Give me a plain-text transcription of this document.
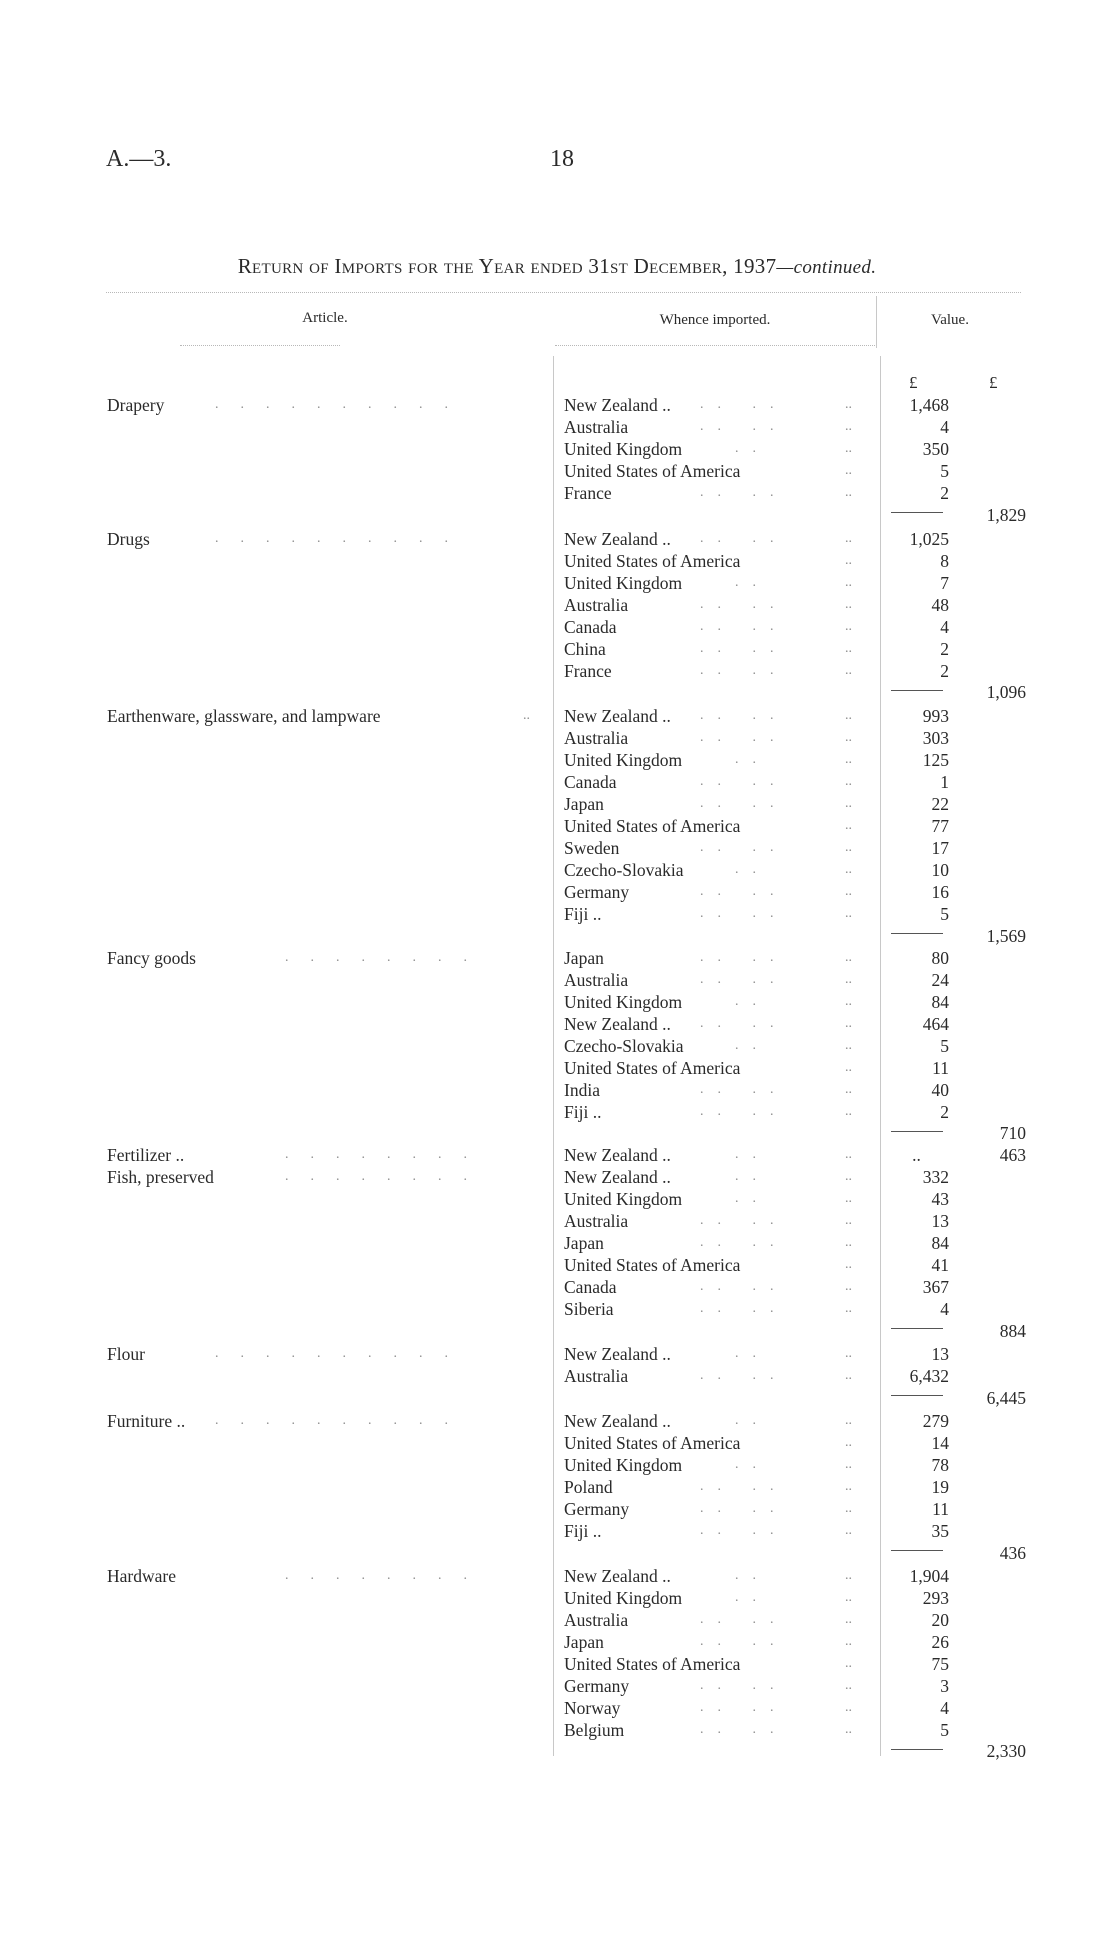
A.—3.	18
Return of Imports for the Year ended 31st December, 1937—continued.
Article.	Whence imported.	Value.
£	£
Drapery	..........	New Zealand .. .. ..	..	1,468
Australia	.. ..	..	4
United Kingdom ..	..	350
United States of America	..	5
France	.. ..	..	2
1,829
Drugs	..........	New Zealand .. .. ..	..	1,025
United States of America	..	8
United Kingdom ..	..	7
Australia	.. ..	..	48
Canada	.. ..	..	4
China	.. ..	..	2
France	.. ..	..	2
1,096
Earthenware, glassware, and lampware	.. New Zealand .. .. ..	..	993
Australia	.. ..	..	303
United Kingdom ..	..	125
Canada	.. ..	..	1
Japan	.. ..	..	22
United States of America	..	77
Sweden	.. ..	..	17
Czecho-Slovakia ..	..	10
Germany	.. ..	..	16
Fiji ..	.. ..	..	5
1,569
Fancy goods	........	Japan	.. ..	..	80
Australia	.. ..	..	24
United Kingdom ..	..	84
New Zealand .. .. ..	..	464
Czecho-Slovakia ..	..	5
United States of America	..	11
India	.. ..	..	40
Fiji ..	.. ..	..	2
710
Fertilizer ..	........	New Zealand .. ..	..	..	463
Fish, preserved	........	New Zealand .. ..	..	332
United Kingdom ..	..	43
Australia	.. ..	..	13
Japan	.. ..	..	84
United States of America	..	41
Canada	.. ..	..	367
Siberia	.. ..	..	4
884
Flour	..........	New Zealand .. ..	..	13
Australia	.. ..	..	6,432
6,445
Furniture .. ..........	New Zealand .. ..	..	279
United States of America	..	14
United Kingdom ..	..	78
Poland	.. ..	..	19
Germany	.. ..	..	11
Fiji ..	.. ..	..	35
436
Hardware	........	New Zealand .. ..	..	1,904
United Kingdom ..	..	293
Australia	.. ..	..	20
Japan	.. ..	..	26
United States of America	..	75
Germany	.. ..	..	3
Norway	.. ..	..	4
Belgium	.. ..	..	5
2,330
